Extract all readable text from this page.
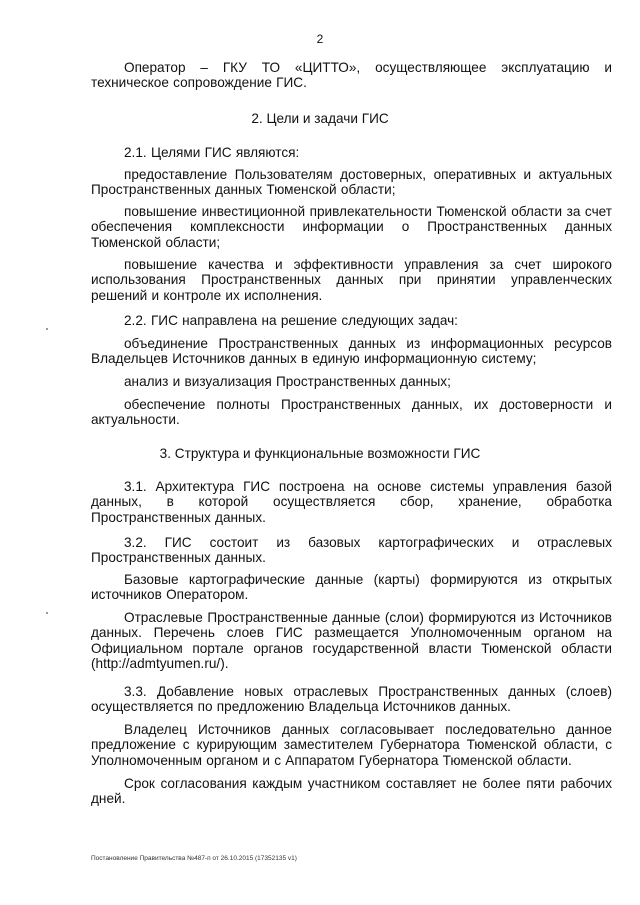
2
Оператор – ГКУ ТО «ЦИТТО», осуществляющее эксплуатацию и техническое сопровождение ГИС.
2. Цели и задачи ГИС
2.1. Целями ГИС являются:
предоставление Пользователям достоверных, оперативных и актуальных Пространственных данных Тюменской области;
повышение инвестиционной привлекательности Тюменской области за счет обеспечения комплексности информации о Пространственных данных Тюменской области;
повышение качества и эффективности управления за счет широкого использования Пространственных данных при принятии управленческих решений и контроле их исполнения.
2.2. ГИС направлена на решение следующих задач:
объединение Пространственных данных из информационных ресурсов Владельцев Источников данных в единую информационную систему;
анализ и визуализация Пространственных данных;
обеспечение полноты Пространственных данных, их достоверности и актуальности.
3. Структура и функциональные возможности ГИС
3.1. Архитектура ГИС построена на основе системы управления базой данных, в которой осуществляется сбор, хранение, обработка Пространственных данных.
3.2. ГИС состоит из базовых картографических и отраслевых Пространственных данных.
Базовые картографические данные (карты) формируются из открытых источников Оператором.
Отраслевые Пространственные данные (слои) формируются из Источников данных. Перечень слоев ГИС размещается Уполномоченным органом на Официальном портале органов государственной власти Тюменской области (http://admtyumen.ru/).
3.3. Добавление новых отраслевых Пространственных данных (слоев) осуществляется по предложению Владельца Источников данных.
Владелец Источников данных согласовывает последовательно данное предложение с курирующим заместителем Губернатора Тюменской области, с Уполномоченным органом и с Аппаратом Губернатора Тюменской области.
Срок согласования каждым участником составляет не более пяти рабочих дней.
Постановление Правительства №487-п от 26.10.2015 (17352135 v1)
